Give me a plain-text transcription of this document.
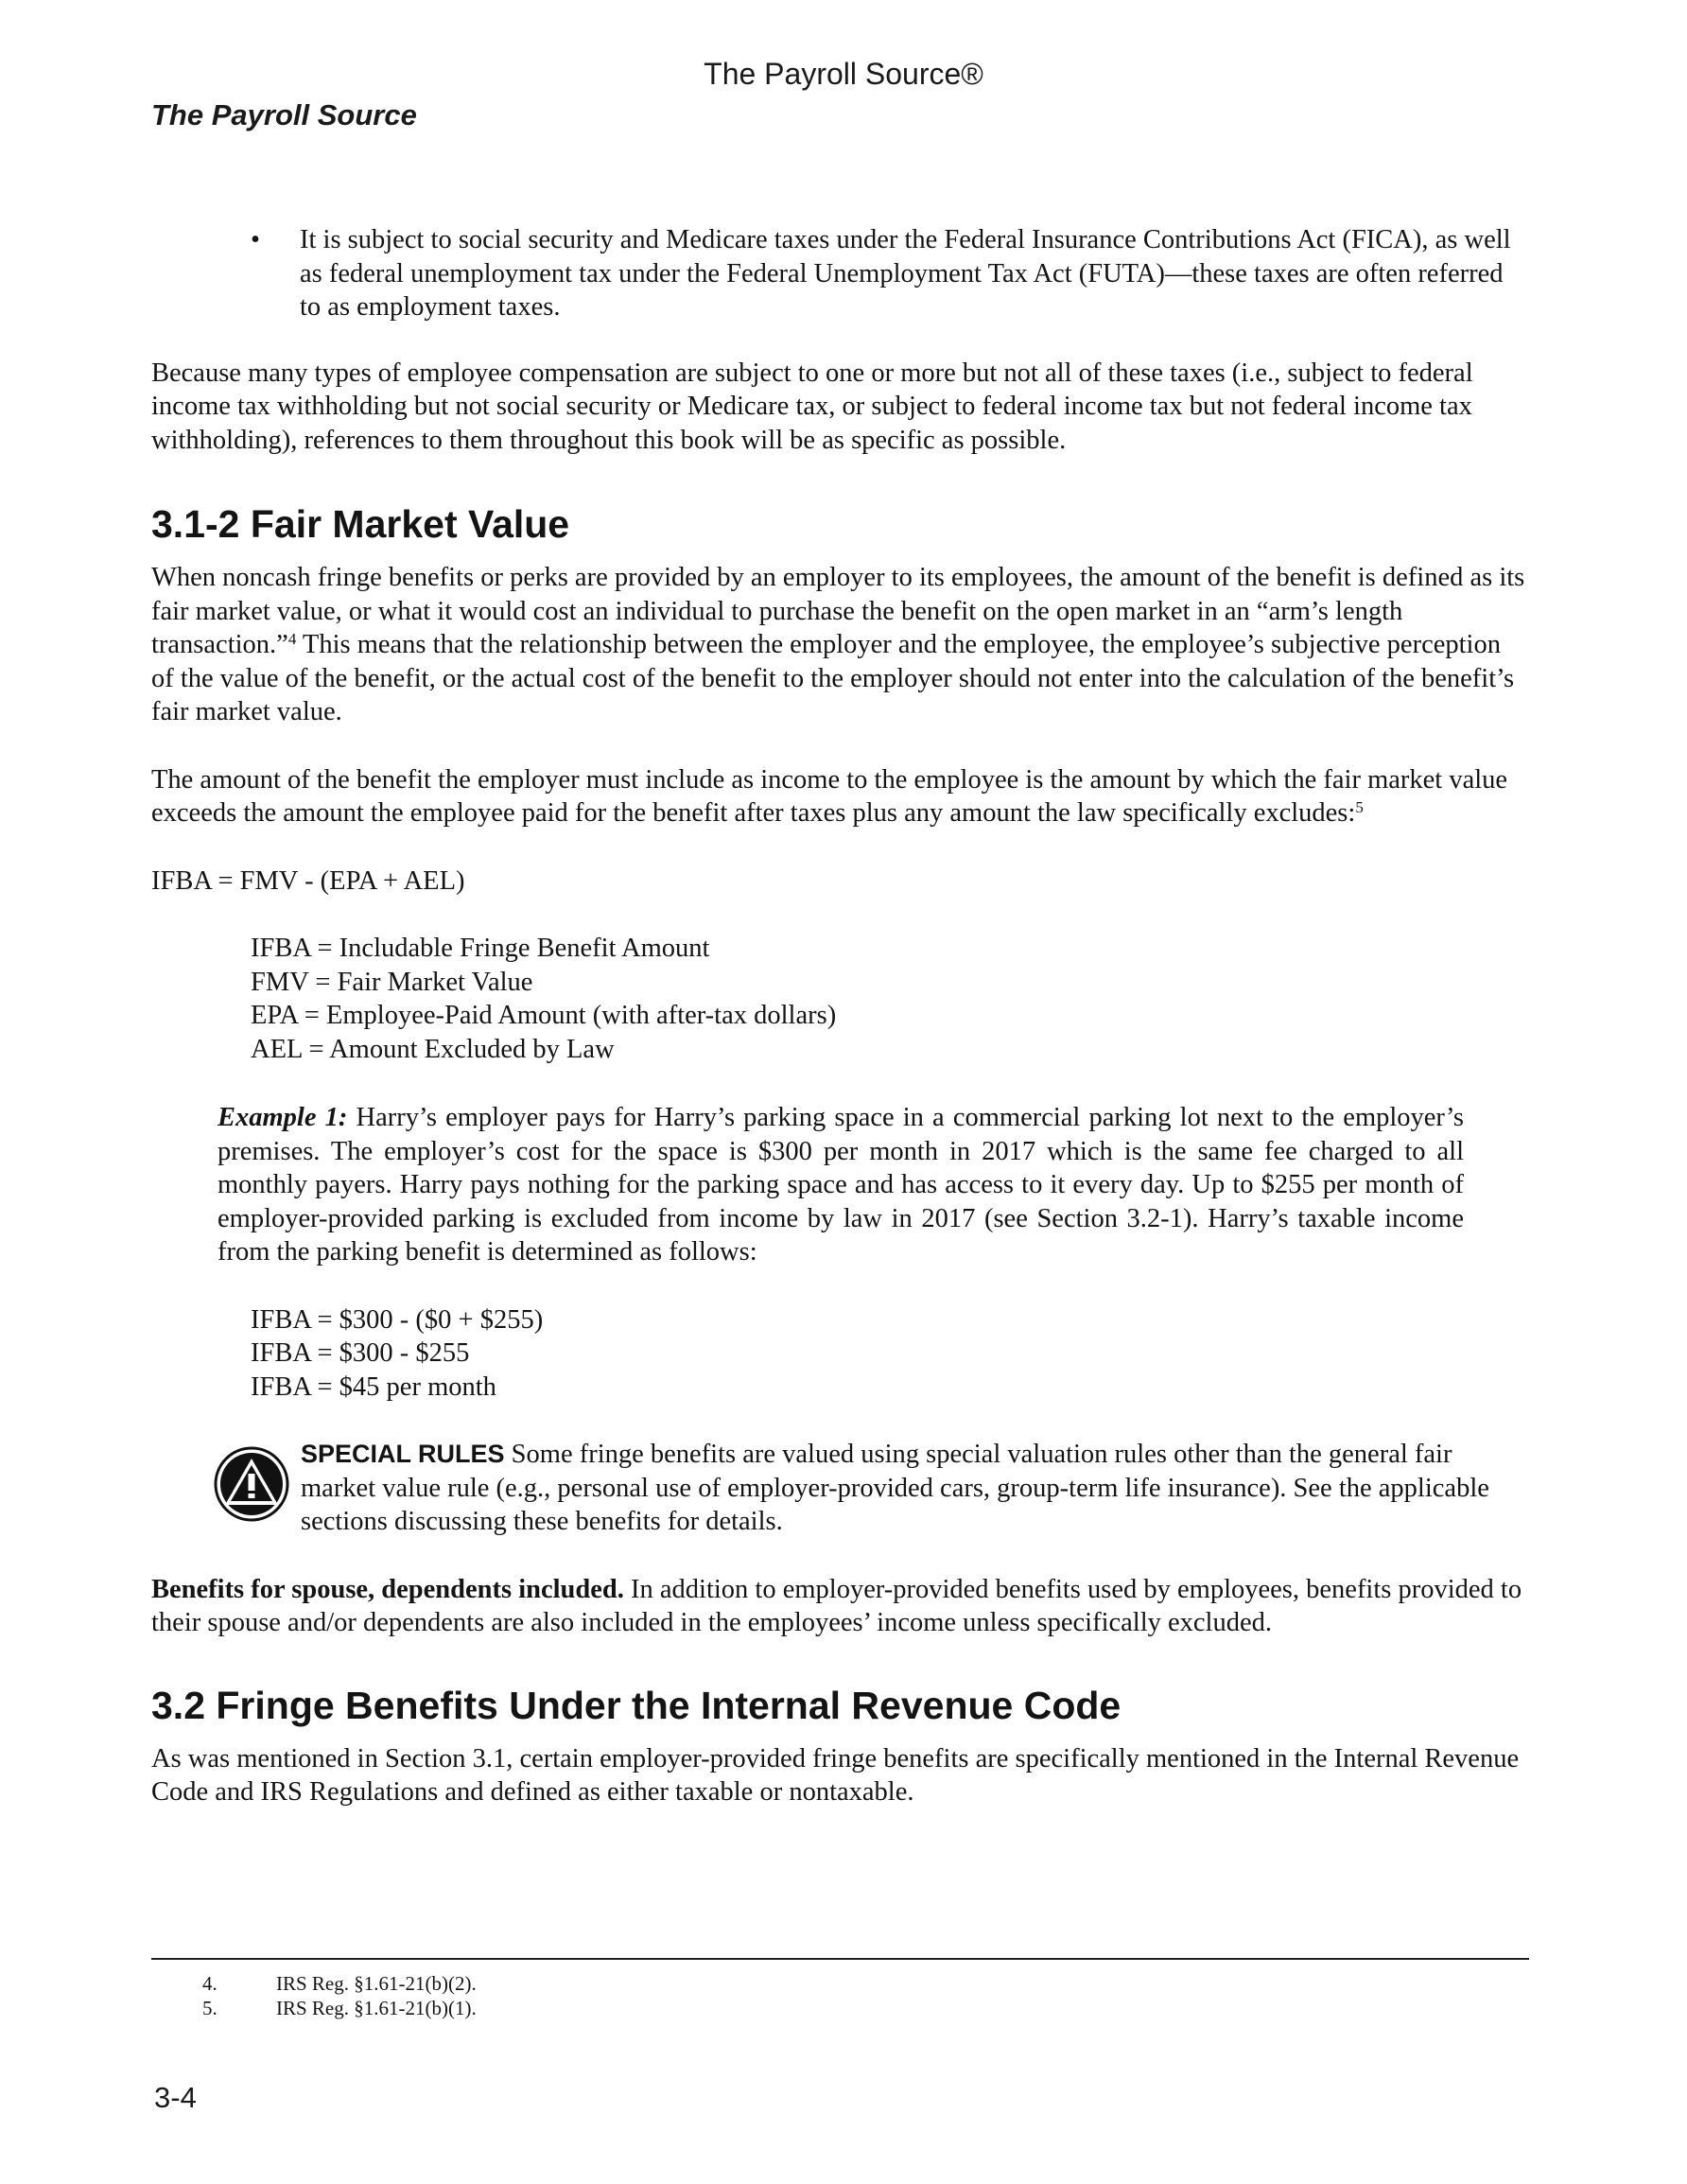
The Payroll Source®
The Payroll Source
• It is subject to social security and Medicare taxes under the Federal Insurance Contributions Act (FICA), as well as federal unemployment tax under the Federal Unemployment Tax Act (FUTA)—these taxes are often referred to as employment taxes.

Because many types of employee compensation are subject to one or more but not all of these taxes (i.e., subject to federal income tax withholding but not social security or Medicare tax, or subject to federal income tax but not federal income tax withholding), references to them throughout this book will be as specific as possible.

3.1-2 Fair Market Value

When noncash fringe benefits or perks are provided by an employer to its employees, the amount of the benefit is defined as its fair market value, or what it would cost an individual to purchase the benefit on the open market in an “arm’s length transaction.”$^4$ This means that the relationship between the employer and the employee, the employee’s subjective perception of the value of the benefit, or the actual cost of the benefit to the employer should not enter into the calculation of the benefit’s fair market value.

The amount of the benefit the employer must include as income to the employee is the amount by which the fair market value exceeds the amount the employee paid for the benefit after taxes plus any amount the law specifically excludes:$^5$

IFBA = FMV - (EPA + AEL)

IFBA = Includable Fringe Benefit Amount

FMV = Fair Market Value

EPA = Employee-Paid Amount (with after-tax dollars)

AEL = Amount Excluded by Law

Example 1: Harry’s employer pays for Harry’s parking space in a commercial parking lot next to the employer’s premises. The employer’s cost for the space is $300 per month in 2017 which is the same fee charged to all monthly payers. Harry pays nothing for the parking space and has access to it every day. Up to $255 per month of employer-provided parking is excluded from income by law in 2017 (see Section 3.2-1). Harry’s taxable income from the parking benefit is determined as follows:

IFBA = $300 - ($0 + $255)

IFBA = $300 - $255

IFBA = $45 per month

SPECIAL RULES Some fringe benefits are valued using special valuation rules other than the general fair market value rule (e.g., personal use of employer-provided cars, group-term life insurance). See the applicable sections discussing these benefits for details.

Benefits for spouse, dependents included. In addition to employer-provided benefits used by employees, benefits provided to their spouse and/or dependents are also included in the employees’ income unless specifically excluded.

3.2 Fringe Benefits Under the Internal Revenue Code

As was mentioned in Section 3.1, certain employer-provided fringe benefits are specifically mentioned in the Internal Revenue Code and IRS Regulations and defined as either taxable or nontaxable.

4.	IRS Reg. §1.61-21(b)(2).
5.	IRS Reg. §1.61-21(b)(1).
3-4
